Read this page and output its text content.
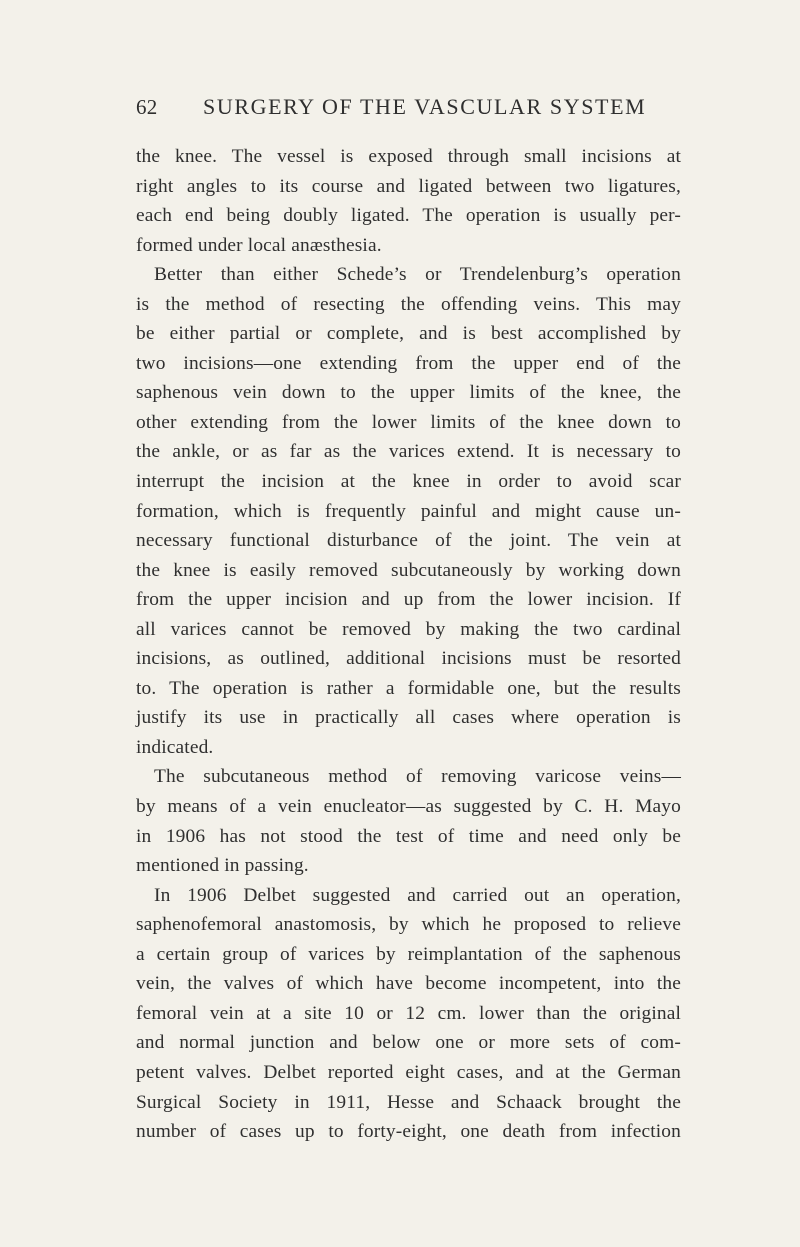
62 SURGERY OF THE VASCULAR SYSTEM
the knee. The vessel is exposed through small incisions at
right angles to its course and ligated between two ligatures,
each end being doubly ligated. The operation is usually per-
formed under local anæsthesia.
Better than either Schede’s or Trendelenburg’s operation
is the method of resecting the offending veins. This may
be either partial or complete, and is best accomplished by
two incisions—one extending from the upper end of the
saphenous vein down to the upper limits of the knee, the
other extending from the lower limits of the knee down to
the ankle, or as far as the varices extend. It is necessary to
interrupt the incision at the knee in order to avoid scar
formation, which is frequently painful and might cause un-
necessary functional disturbance of the joint. The vein at
the knee is easily removed subcutaneously by working down
from the upper incision and up from the lower incision. If
all varices cannot be removed by making the two cardinal
incisions, as outlined, additional incisions must be resorted
to. The operation is rather a formidable one, but the results
justify its use in practically all cases where operation is
indicated.
The subcutaneous method of removing varicose veins—
by means of a vein enucleator—as suggested by C. H. Mayo
in 1906 has not stood the test of time and need only be
mentioned in passing.
In 1906 Delbet suggested and carried out an operation,
saphenofemoral anastomosis, by which he proposed to relieve
a certain group of varices by reimplantation of the saphenous
vein, the valves of which have become incompetent, into the
femoral vein at a site 10 or 12 cm. lower than the original
and normal junction and below one or more sets of com-
petent valves. Delbet reported eight cases, and at the German
Surgical Society in 1911, Hesse and Schaack brought the
number of cases up to forty-eight, one death from infection
